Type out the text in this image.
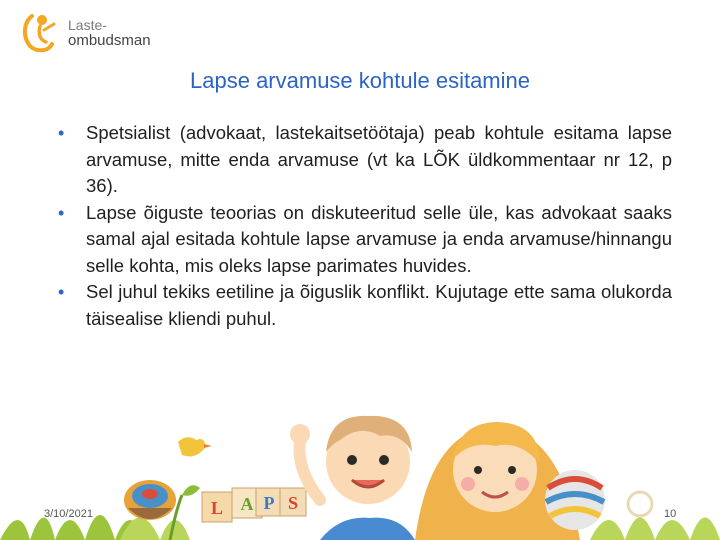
Laste-
ombudsman
Lapse arvamuse kohtule esitamine
• Spetsialist (advokaat, lastekaitsetöötaja) peab kohtule esitama lapse arvamuse, mitte enda arvamuse (vt ka LÕK üldkommentaar nr 12, p 36).
• Lapse õiguste teoorias on diskuteeritud selle üle, kas advokaat saaks samal ajal esitada kohtule lapse arvamuse ja enda arvamuse/hinnangu selle kohta, mis oleks lapse parimates huvides.
• Sel juhul tekiks eetiline ja õiguslik konflikt. Kujutage ette sama olukorda täisealise kliendi puhul.
L A P S
3/10/2021	10
